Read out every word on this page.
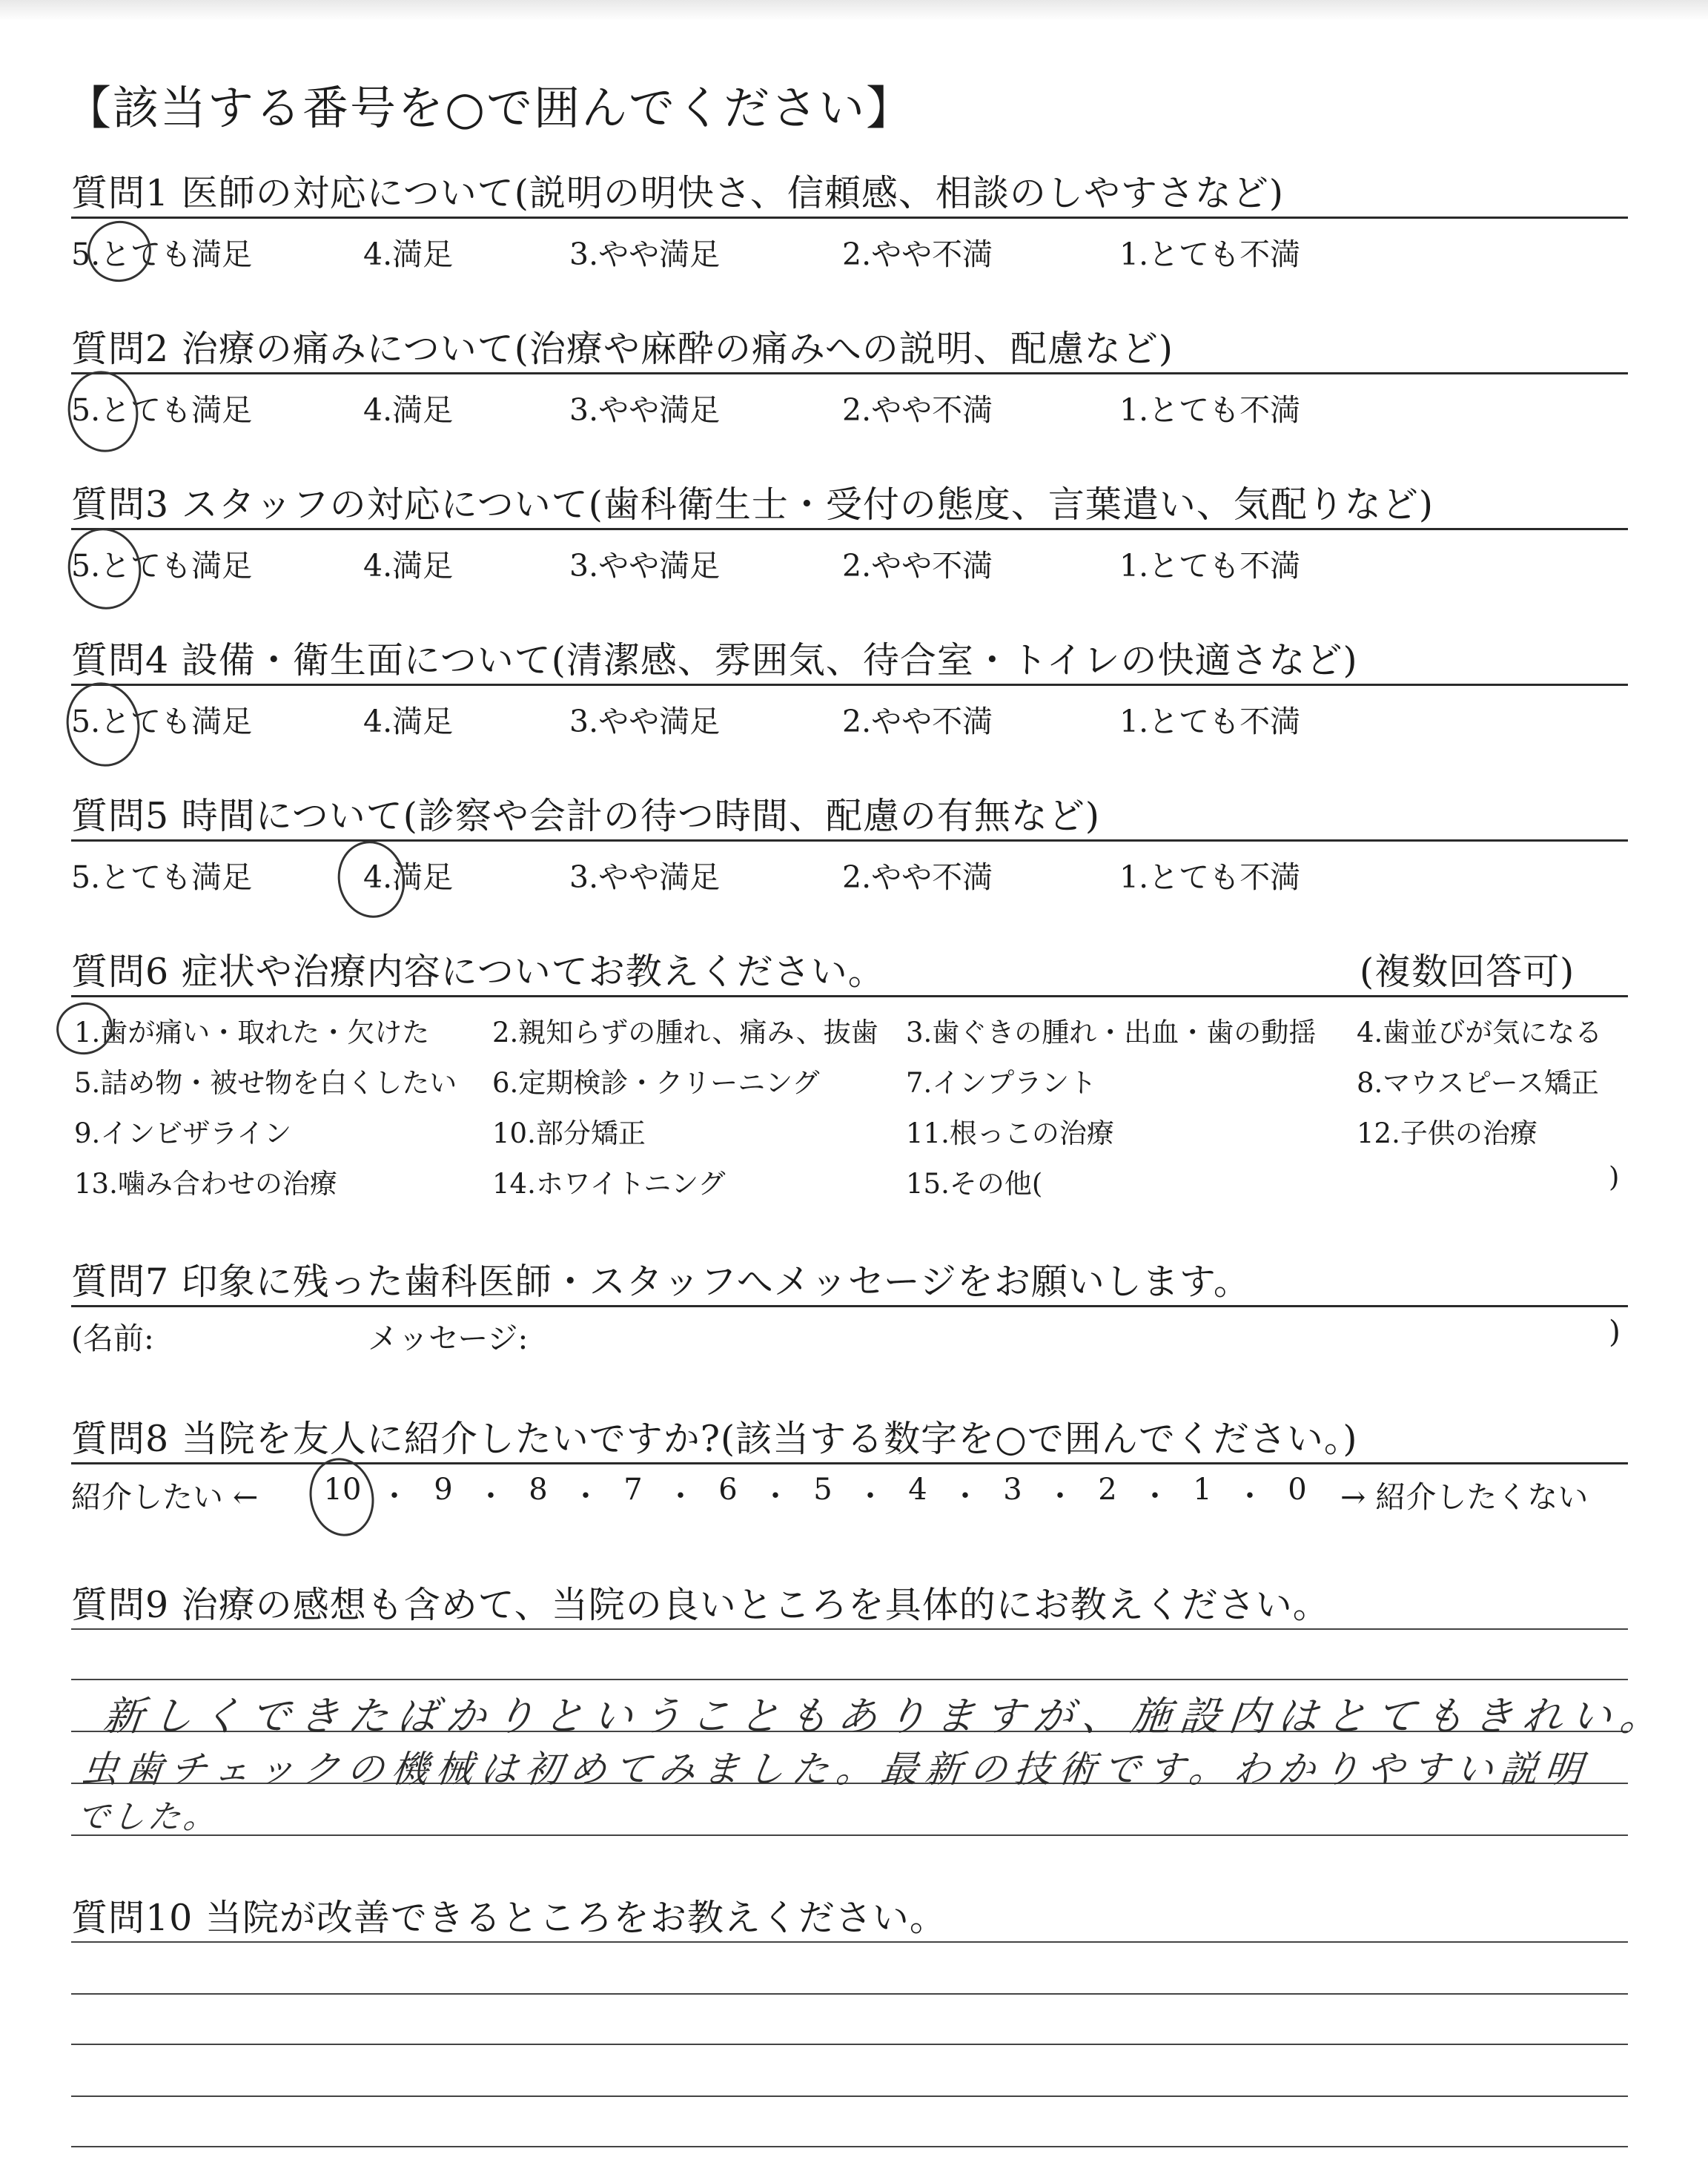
【該当する番号を○で囲んでください】
質問1 医師の対応について(説明の明快さ、信頼感、相談のしやすさなど)
5.とても満足	4.満足	3.やや満足	2.やや不満	1.とても不満
質問2 治療の痛みについて(治療や麻酔の痛みへの説明、配慮など)
5.とても満足	4.満足	3.やや満足	2.やや不満	1.とても不満
質問3 スタッフの対応について(歯科衛生士・受付の態度、言葉遣い、気配りなど)
5.とても満足	4.満足	3.やや満足	2.やや不満	1.とても不満
質問4 設備・衛生面について(清潔感、雰囲気、待合室・トイレの快適さなど)
5.とても満足	4.満足	3.やや満足	2.やや不満	1.とても不満
質問5 時間について(診察や会計の待つ時間、配慮の有無など)
5.とても満足	4.満足	3.やや満足	2.やや不満	1.とても不満
質問6 症状や治療内容についてお教えください。	(複数回答可)
1.歯が痛い・取れた・欠けた 2.親知らずの腫れ、痛み、抜歯 3.歯ぐきの腫れ・出血・歯の動揺 4.歯並びが気になる
5.詰め物・被せ物を白くしたい 6.定期検診・クリーニング	7.インプラント	8.マウスピース矯正
9.インビザライン	10.部分矯正	11.根っこの治療	12.子供の治療
13.噛み合わせの治療	14.ホワイトニング	15.その他(	)
質問7 印象に残った歯科医師・スタッフへメッセージをお願いします。
(名前:	メッセージ:	)
質問8 当院を友人に紹介したいですか?(該当する数字を○で囲んでください。)
紹介したい ← 10 ・ 9 ・ 8 ・ 7 ・ 6 ・ 5 ・ 4 ・ 3 ・ 2 ・ 1 ・ 0	→ 紹介したくない
質問9 治療の感想も含めて、当院の良いところを具体的にお教えください。
新しくできたばかりということもありますが、施設内はとてもきれい。
虫歯チェックの機械は初めてみました。最新の技術です。わかりやすい説明
でした。
質問10 当院が改善できるところをお教えください。
